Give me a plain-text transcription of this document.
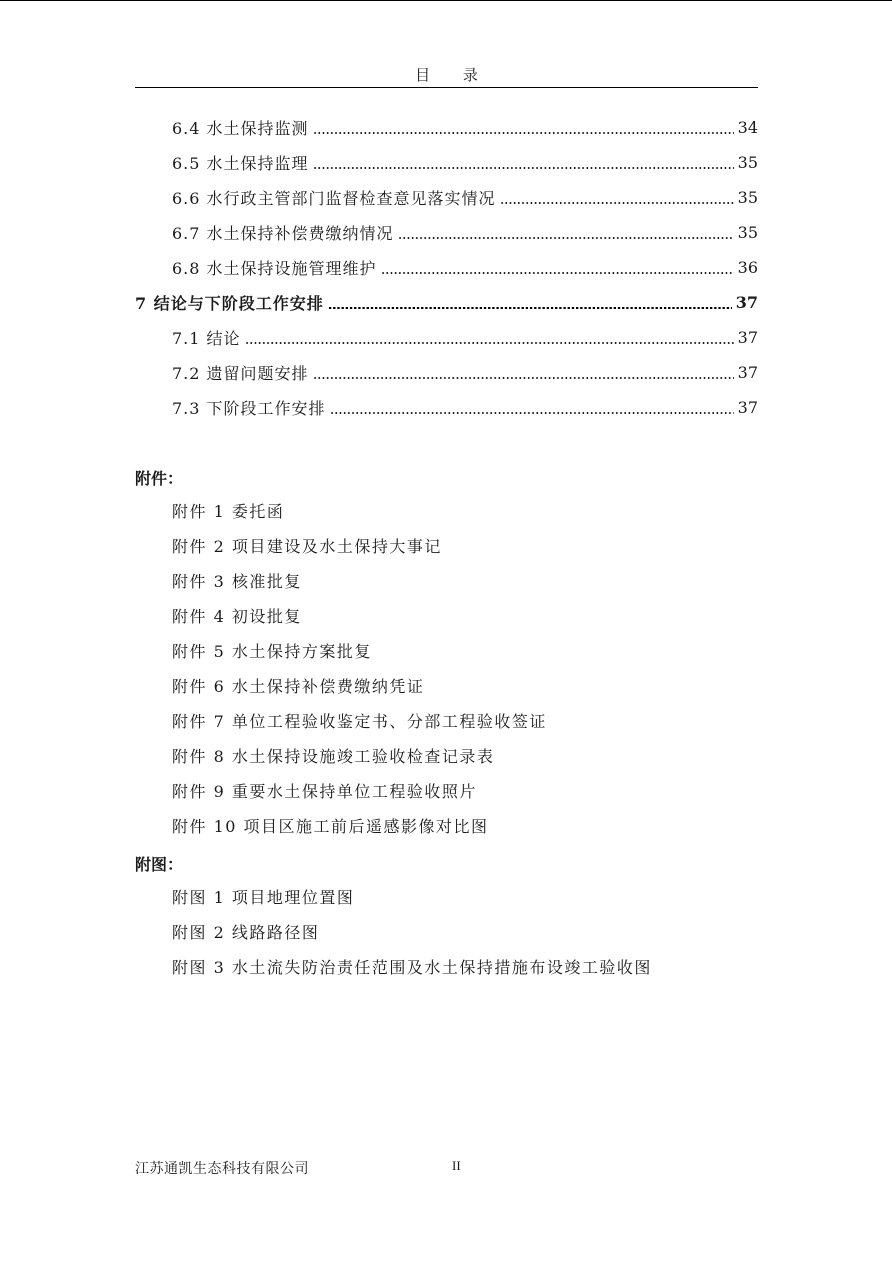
目 录
6.4 水土保持监测	34
6.5 水土保持监理	35
6.6 水行政主管部门监督检查意见落实情况	35
6.7 水土保持补偿费缴纳情况	35
6.8 水土保持设施管理维护	36
7 结论与下阶段工作安排	37
7.1 结论	37
7.2 遗留问题安排	37
7.3 下阶段工作安排	37
附件：
附件 1 委托函
附件 2 项目建设及水土保持大事记
附件 3 核准批复
附件 4 初设批复
附件 5 水土保持方案批复
附件 6 水土保持补偿费缴纳凭证
附件 7 单位工程验收鉴定书、分部工程验收签证
附件 8 水土保持设施竣工验收检查记录表
附件 9 重要水土保持单位工程验收照片
附件 10 项目区施工前后遥感影像对比图
附图：
附图 1 项目地理位置图
附图 2 线路路径图
附图 3 水土流失防治责任范围及水土保持措施布设竣工验收图
江苏通凯生态科技有限公司	II
